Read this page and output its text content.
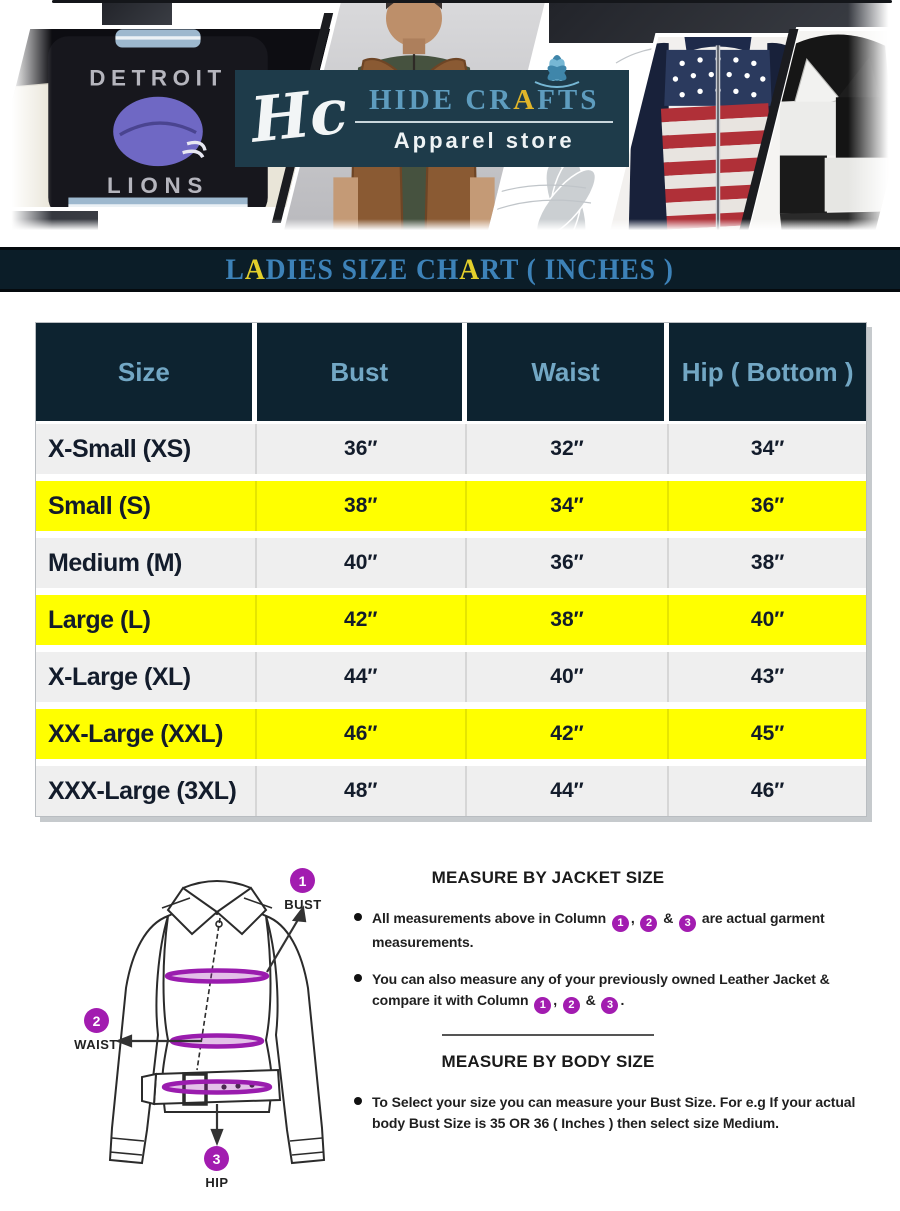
DETROIT
LIONS
Hc HIDE CRAFTS
Apparel store
LADIES SIZE CHART ( INCHES )
Size	Bust	Waist	Hip ( Bottom )
X-Small (XS)	36″	32″	34″
Small (S)	38″	34″	36″
Medium (M)	40″	36″	38″
Large (L)	42″	38″	40″
X-Large (XL)	44″	40″	43″
XX-Large (XXL)	46″	42″	45″
XXX-Large (3XL)	48″	44″	46″
1
BUST
2
WAIST
3
HIP
MEASURE BY JACKET SIZE
All measurements above in Column 1 , 2 & 3 are actual garment measurements.
You can also measure any of your previously owned Leather Jacket & compare it with Column 1 , 2 & 3 .
MEASURE BY BODY SIZE
To Select your size you can measure your Bust Size. For e.g If your actual body Bust Size is 35 OR 36 ( Inches ) then select size Medium.
